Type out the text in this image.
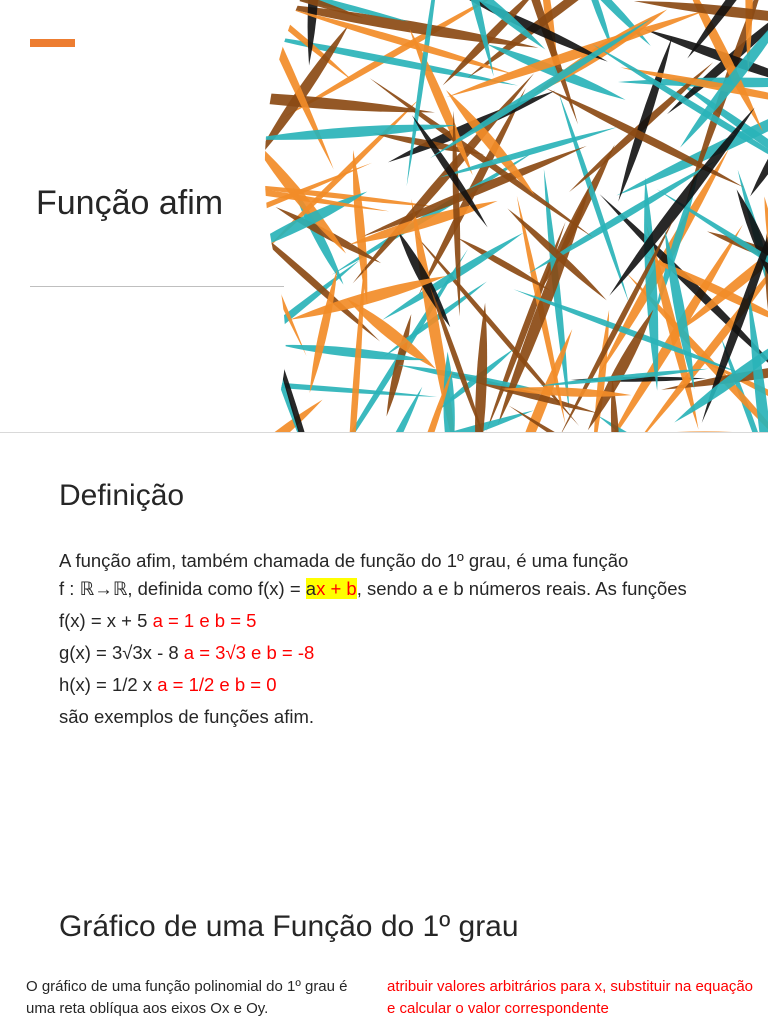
Função afim
Definição
A função afim, também chamada de função do 1º grau, é uma função
f : ℝ→ℝ, definida como f(x) = ax + b, sendo a e b números reais. As funções
f(x) = x + 5 a = 1 e b = 5
g(x) = 3√3x - 8 a = 3√3 e b = -8
h(x) = 1/2 x a = 1/2 e b = 0
são exemplos de funções afim.
Gráfico de uma Função do 1º grau
O gráfico de uma função polinomial do 1º grau é uma reta oblíqua aos eixos Ox e Oy.
atribuir valores arbitrários para x, substituir na equação e calcular o valor correspondente
